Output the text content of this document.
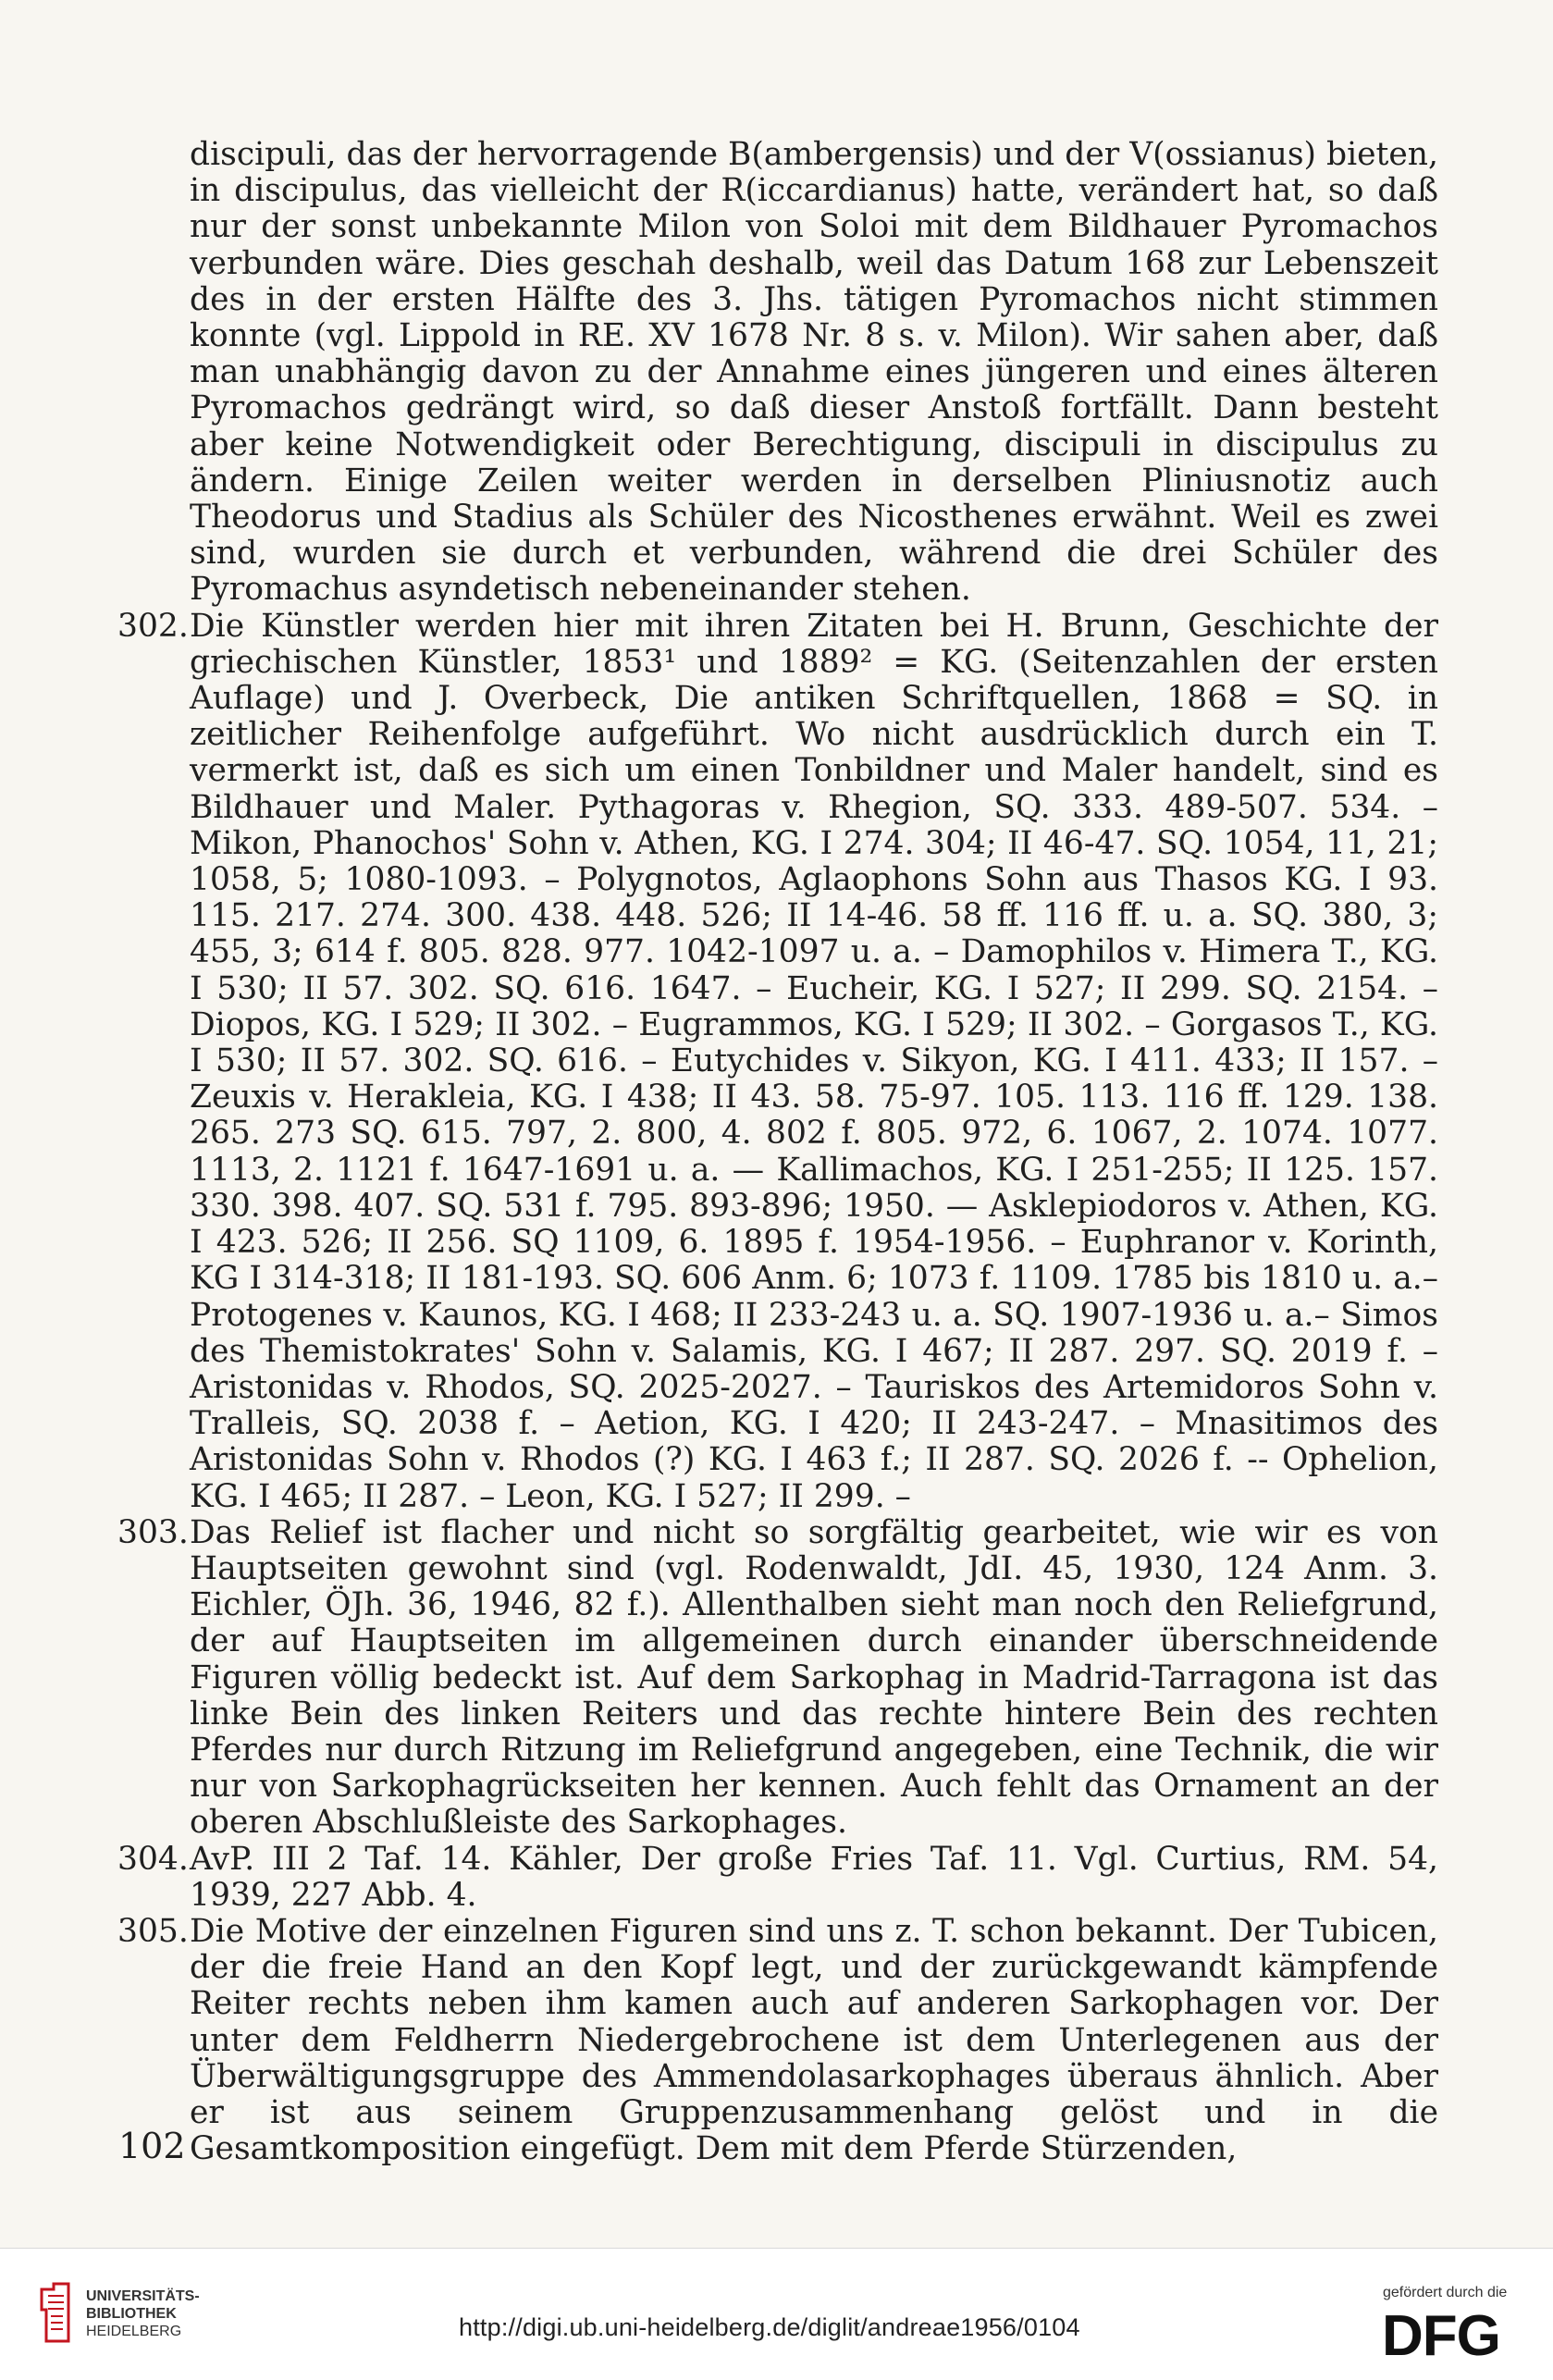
discipuli, das der hervorragende B(ambergensis) und der V(ossianus) bieten, in discipulus, das vielleicht der R(iccardianus) hatte, verändert hat, so daß nur der sonst unbekannte Milon von Soloi mit dem Bildhauer Pyromachos verbunden wäre. Dies geschah deshalb, weil das Datum 168 zur Lebenszeit des in der ersten Hälfte des 3. Jhs. tätigen Pyromachos nicht stimmen konnte (vgl. Lippold in RE. XV 1678 Nr. 8 s. v. Milon). Wir sahen aber, daß man unabhängig davon zu der Annahme eines jüngeren und eines älteren Pyromachos gedrängt wird, so daß dieser Anstoß fortfällt. Dann besteht aber keine Notwendigkeit oder Berechtigung, discipuli in discipulus zu ändern. Einige Zeilen weiter werden in derselben Pliniusnotiz auch Theodorus und Stadius als Schüler des Nicosthenes erwähnt. Weil es zwei sind, wurden sie durch et verbunden, während die drei Schüler des Pyromachus asyndetisch nebeneinander stehen.

302. Die Künstler werden hier mit ihren Zitaten bei H. Brunn, Geschichte der griechischen Künstler, 1853¹ und 1889² = KG. (Seitenzahlen der ersten Auflage) und J. Overbeck, Die antiken Schriftquellen, 1868 = SQ. in zeitlicher Reihenfolge aufgeführt. Wo nicht ausdrücklich durch ein T. vermerkt ist, daß es sich um einen Tonbildner und Maler handelt, sind es Bildhauer und Maler. Pythagoras v. Rhegion, SQ. 333. 489-507. 534. – Mikon, Phanochos' Sohn v. Athen, KG. I 274. 304; II 46-47. SQ. 1054, 11, 21; 1058, 5; 1080-1093. – Polygnotos, Aglaophons Sohn aus Thasos KG. I 93. 115. 217. 274. 300. 438. 448. 526; II 14-46. 58 ff. 116 ff. u. a. SQ. 380, 3; 455, 3; 614 f. 805. 828. 977. 1042-1097 u. a. – Damophilos v. Himera T., KG. I 530; II 57. 302. SQ. 616. 1647. – Eucheir, KG. I 527; II 299. SQ. 2154. – Diopos, KG. I 529; II 302. – Eugrammos, KG. I 529; II 302. – Gorgasos T., KG. I 530; II 57. 302. SQ. 616. – Eutychides v. Sikyon, KG. I 411. 433; II 157. – Zeuxis v. Herakleia, KG. I 438; II 43. 58. 75-97. 105. 113. 116 ff. 129. 138. 265. 273 SQ. 615. 797, 2. 800, 4. 802 f. 805. 972, 6. 1067, 2. 1074. 1077. 1113, 2. 1121 f. 1647-1691 u. a. — Kallimachos, KG. I 251-255; II 125. 157. 330. 398. 407. SQ. 531 f. 795. 893-896; 1950. — Asklepiodoros v. Athen, KG. I 423. 526; II 256. SQ 1109, 6. 1895 f. 1954-1956. – Euphranor v. Korinth, KG I 314-318; II 181-193. SQ. 606 Anm. 6; 1073 f. 1109. 1785 bis 1810 u. a.–Protogenes v. Kaunos, KG. I 468; II 233-243 u. a. SQ. 1907-1936 u. a.– Simos des Themistokrates' Sohn v. Salamis, KG. I 467; II 287. 297. SQ. 2019 f. – Aristonidas v. Rhodos, SQ. 2025-2027. – Tauriskos des Artemidoros Sohn v. Tralleis, SQ. 2038 f. – Aetion, KG. I 420; II 243-247. – Mnasitimos des Aristonidas Sohn v. Rhodos (?) KG. I 463 f.; II 287. SQ. 2026 f. -- Ophelion, KG. I 465; II 287. – Leon, KG. I 527; II 299. –
303. Das Relief ist flacher und nicht so sorgfältig gearbeitet, wie wir es von Hauptseiten gewohnt sind (vgl. Rodenwaldt, JdI. 45, 1930, 124 Anm. 3. Eichler, ÖJh. 36, 1946, 82 f.). Allenthalben sieht man noch den Reliefgrund, der auf Hauptseiten im allgemeinen durch einander überschneidende Figuren völlig bedeckt ist. Auf dem Sarkophag in Madrid-Tarragona ist das linke Bein des linken Reiters und das rechte hintere Bein des rechten Pferdes nur durch Ritzung im Reliefgrund angegeben, eine Technik, die wir nur von Sarkophagrückseiten her kennen. Auch fehlt das Ornament an der oberen Abschlußleiste des Sarkophages.
304. AvP. III 2 Taf. 14. Kähler, Der große Fries Taf. 11. Vgl. Curtius, RM. 54, 1939, 227 Abb. 4.
305. Die Motive der einzelnen Figuren sind uns z. T. schon bekannt. Der Tubicen, der die freie Hand an den Kopf legt, und der zurückgewandt kämpfende Reiter rechts neben ihm kamen auch auf anderen Sarkophagen vor. Der unter dem Feldherrn Niedergebrochene ist dem Unterlegenen aus der Überwältigungsgruppe des Ammendolasarkophages überaus ähnlich. Aber er ist aus seinem Gruppenzusammenhang gelöst und in die Gesamtkomposition eingefügt. Dem mit dem Pferde Stürzenden,
102
UNIVERSITÄTS-
BIBLIOTHEK
HEIDELBERG	http://digi.ub.uni-heidelberg.de/diglit/andreae1956/0104
gefördert durch die
DFG
